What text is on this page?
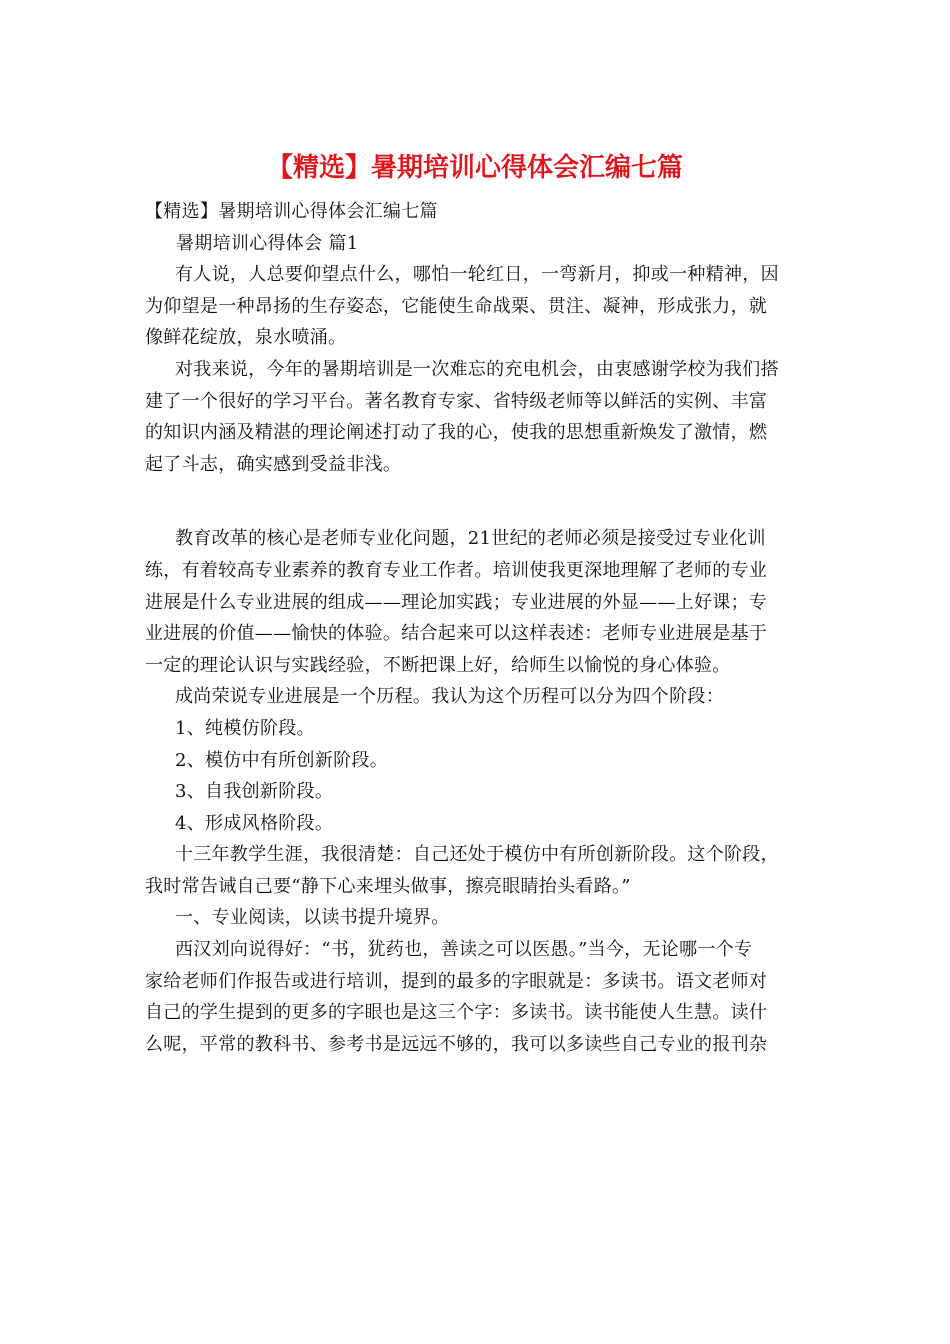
【精选】暑期培训心得体会汇编七篇

【精选】暑期培训心得体会汇编七篇

暑期培训心得体会 篇1

有人说，人总要仰望点什么，哪怕一轮红日，一弯新月，抑或一种精神，因

为仰望是一种昂扬的生存姿态，它能使生命战栗、贯注、凝神，形成张力，就

像鲜花绽放，泉水喷涌。

对我来说，今年的暑期培训是一次难忘的充电机会，由衷感谢学校为我们搭

建了一个很好的学习平台。著名教育专家、省特级老师等以鲜活的实例、丰富

的知识内涵及精湛的理论阐述打动了我的心，使我的思想重新焕发了激情，燃

起了斗志，确实感到受益非浅。

教育改革的核心是老师专业化问题，21世纪的老师必须是接受过专业化训

练，有着较高专业素养的教育专业工作者。培训使我更深地理解了老师的专业

进展是什么专业进展的组成——理论加实践；专业进展的外显——上好课；专

业进展的价值——愉快的体验。结合起来可以这样表述：老师专业进展是基于

一定的理论认识与实践经验，不断把课上好，给师生以愉悦的身心体验。

成尚荣说专业进展是一个历程。我认为这个历程可以分为四个阶段：

1、纯模仿阶段。

2、模仿中有所创新阶段。

3、自我创新阶段。

4、形成风格阶段。

十三年教学生涯，我很清楚：自己还处于模仿中有所创新阶段。这个阶段，

我时常告诫自己要“静下心来埋头做事，擦亮眼睛抬头看路。”

一、专业阅读，以读书提升境界。

西汉刘向说得好：“书，犹药也，善读之可以医愚。”当今，无论哪一个专

家给老师们作报告或进行培训，提到的最多的字眼就是：多读书。语文老师对

自己的学生提到的更多的字眼也是这三个字：多读书。读书能使人生慧。读什

么呢，平常的教科书、参考书是远远不够的，我可以多读些自己专业的报刊杂
